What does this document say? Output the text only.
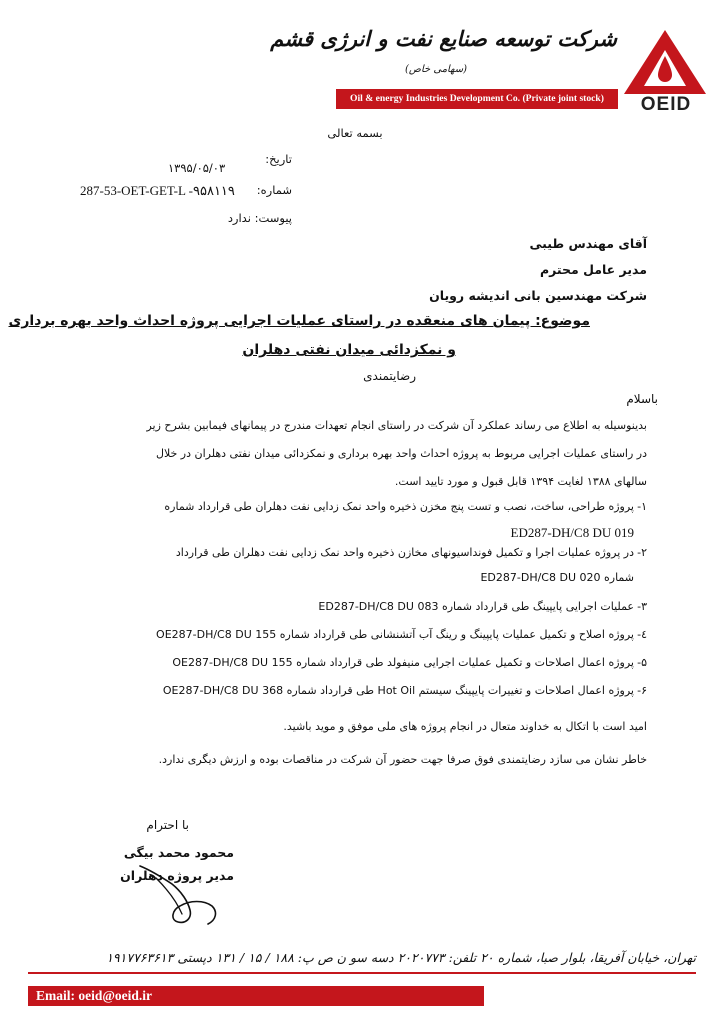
شرکت توسعه صنایع نفت و انرژی قشم
(سهامی خاص)
Oil & energy Industries Development Co. (Private joint stock)	OEID
بسمه تعالی
تاریخ:
۱۳۹۵/۰۵/۰۳
شماره:
287-53-OET-GET-L -۹۵۸۱۱۹
پیوست: ندارد
آقای مهندس طیبی
مدیر عامل محترم
شرکت مهندسین بانی اندیشه رویان
موضوع: پیمان های منعقده در راستای عملیات اجرایی پروژه احداث واحد بهره برداری
و نمکزدائی میدان نفتی دهلران
رضایتمندی
باسلام
بدینوسیله به اطلاع می رساند عملکرد آن شرکت در راستای انجام تعهدات مندرج در پیمانهای فیمابین بشرح زیر
در راستای عملیات اجرایی مربوط به پروژه احداث واحد بهره برداری و نمکزدائی میدان نفتی دهلران در خلال
سالهای ۱۳۸۸ لغایت ۱۳۹۴ قابل قبول و مورد تایید است.
۱-
پروژه طراحی، ساخت، نصب و تست پنج مخزن ذخیره واحد نمک زدایی نفت دهلران طی قرارداد شماره
ED287-DH/C8 DU 019
۲-
در پروژه عملیات اجرا و تکمیل فونداسیونهای مخازن ذخیره واحد نمک زدایی نفت دهلران طی قرارداد
شماره ED287-DH/C8 DU 020
۳-
عملیات اجرایی پایپینگ طی قرارداد شماره ED287-DH/C8 DU 083
٤-
پروژه اصلاح و تکمیل عملیات پایپینگ و رینگ آب آتشنشانی طی قرارداد شماره OE287-DH/C8 DU 155
۵-
پروژه اعمال اصلاحات و تکمیل عملیات اجرایی منیفولد طی قرارداد شماره OE287-DH/C8 DU 155
۶-
پروژه اعمال اصلاحات و تغییرات پایپینگ سیستم Hot Oil طی قرارداد شماره OE287-DH/C8 DU 368
امید است با اتکال به خداوند متعال در انجام پروژه های ملی موفق و موید باشید.
خاطر نشان می سازد رضایتمندی فوق صرفا جهت حضور آن شرکت در مناقصات بوده و ارزش دیگری ندارد.
با احترام
محمود محمد بیگی
مدیر پروژه دهلران
تهران، خیابان آفریقا، بلوار صبا، شماره ۲۰ تلفن: ۲۰۲۰۷۷۳ دسه سو ن ص پ: ۱۸۸ / ۱۵ / ۱۳۱ دپستی ۱۹۱۷۷۶۳۶۱۳
Email: oeid@oeid.ir
